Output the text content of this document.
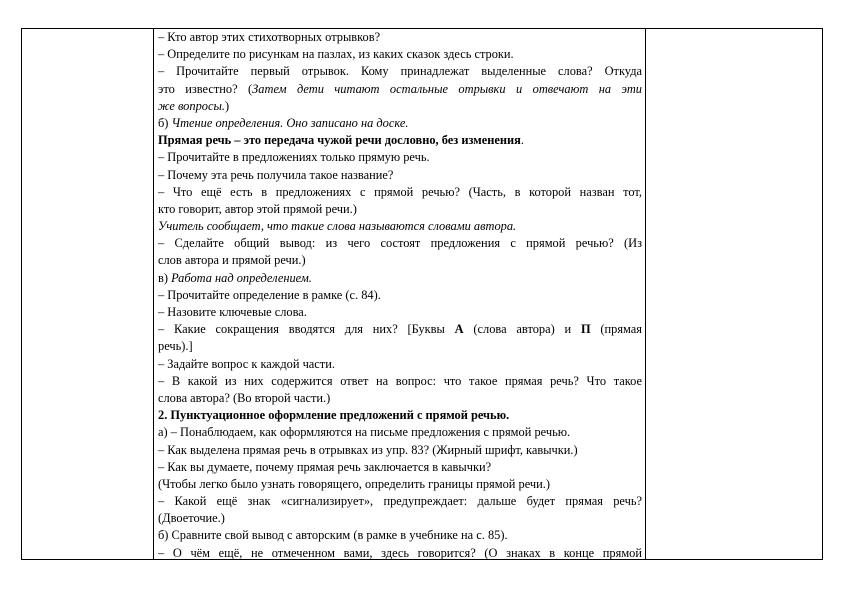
– Кто автор этих стихотворных отрывков?
– Определите по рисункам на пазлах, из каких сказок здесь строки.
– Прочитайте первый отрывок. Кому принадлежат выделенные слова? Откуда
это известно? (Затем дети читают остальные отрывки и отвечают на эти
же вопросы.)
б) Чтение определения. Оно записано на доске.
Прямая речь – это передача чужой речи дословно, без изменения.
– Прочитайте в предложениях только прямую речь.
– Почему эта речь получила такое название?
– Что ещё есть в предложениях с прямой речью? (Часть, в которой назван тот,
кто говорит, автор этой прямой речи.)
Учитель сообщает, что такие слова называются словами автора.
– Сделайте общий вывод: из чего состоят предложения с прямой речью? (Из
слов автора и прямой речи.)
в) Работа над определением.
– Прочитайте определение в рамке (с. 84).
– Назовите ключевые слова.
– Какие сокращения вводятся для них? [Буквы А (слова автора) и П (прямая
речь).]
– Задайте вопрос к каждой части.
– В какой из них содержится ответ на вопрос: что такое прямая речь? Что такое
слова автора? (Во второй части.)
2. Пунктуационное оформление предложений с прямой речью.
а) – Понаблюдаем, как оформляются на письме предложения с прямой речью.
– Как выделена прямая речь в отрывках из упр. 83? (Жирный шрифт, кавычки.)
– Как вы думаете, почему прямая речь заключается в кавычки?
(Чтобы легко было узнать говорящего, определить границы прямой речи.)
– Какой ещё знак «сигнализирует», предупреждает: дальше будет прямая речь?
(Двоеточие.)
б) Сравните свой вывод с авторским (в рамке в учебнике на с. 85).
– О чём ещё, не отмеченном вами, здесь говорится? (О знаках в конце прямой
